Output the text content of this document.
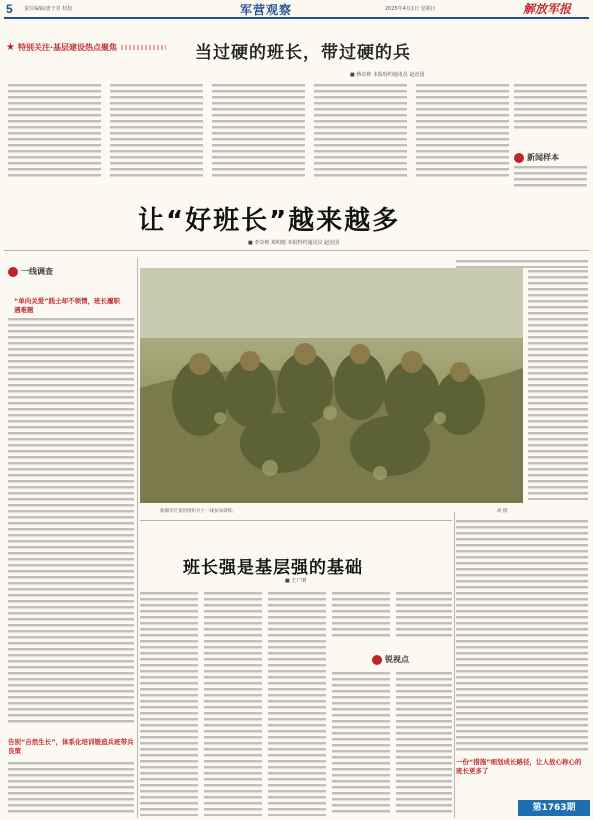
5 责任编辑/唐子君 校校	军营观察	2025年4月1日 星期日	解放军报
★ 特别关注·基层建设热点聚焦	当过硬的班长，带过硬的兵
■ 蒋奇帅 本报特约通讯员 赵治国
新闻样本
让“好班长”越来越多
■ 李奇帅 邓明德 本报特约通讯员 赵治国
一线调查
“单向关爱”践士却不领情，班长履职遇难题
告别“自然生长”，体系化培训锻造兵班带兵良策
新疆军区某团组织兵士一线参加训练。	胡 摄
班长强是基层强的基础
■ 王广明
锐视点
一份“措施”细划成长路径，让人放心称心的班长更多了
第1763期
